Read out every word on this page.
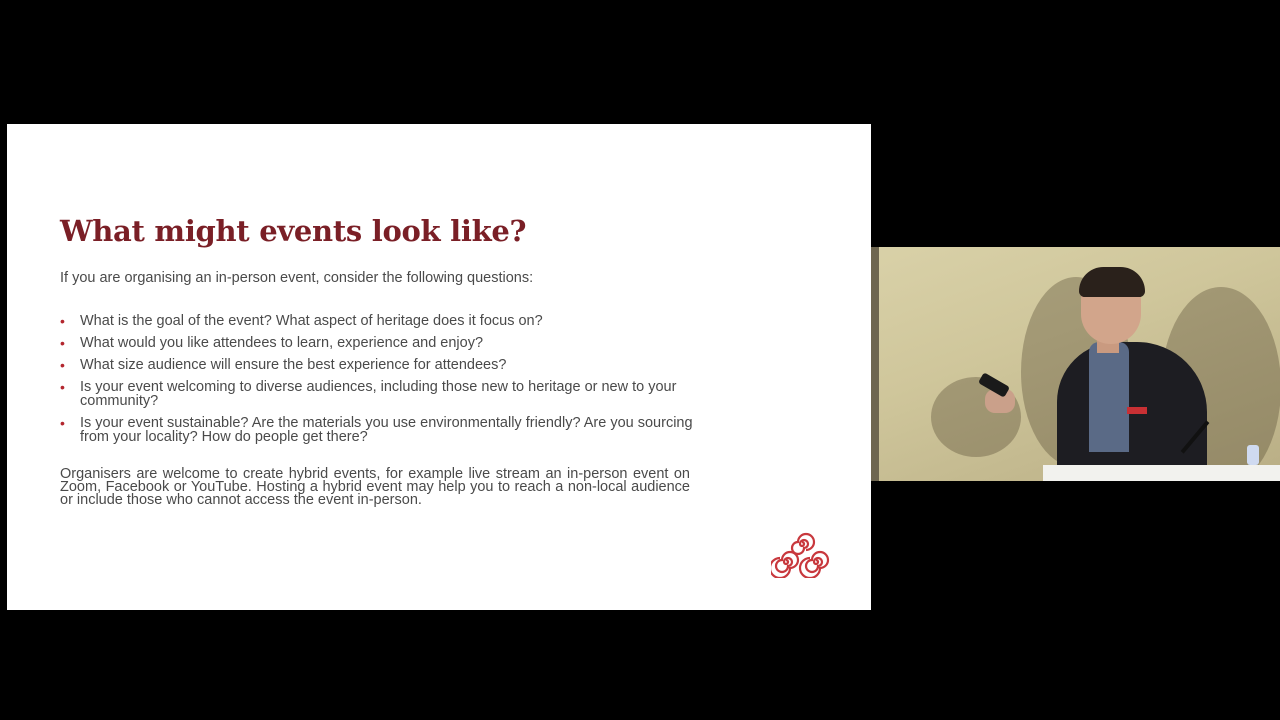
What might events look like?

If you are organising an in-person event, consider the following questions:

• What is the goal of the event? What aspect of heritage does it focus on?
• What would you like attendees to learn, experience and enjoy?
• What size audience will ensure the best experience for attendees?
• Is your event welcoming to diverse audiences, including those new to heritage or new to your community?
• Is your event sustainable? Are the materials you use environmentally friendly? Are you sourcing from your locality? How do people get there?

Organisers are welcome to create hybrid events, for example live stream an in-person event on Zoom, Facebook or YouTube. Hosting a hybrid event may help you to reach a non-local audience or include those who cannot access the event in-person.
